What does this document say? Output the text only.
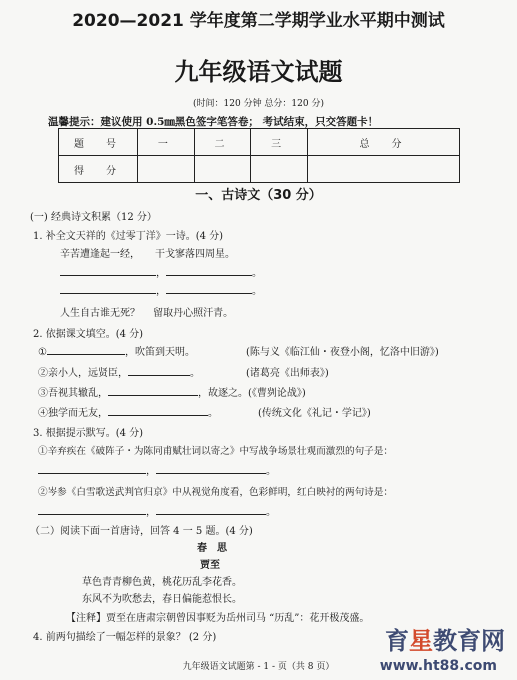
2020—2021 学年度第二学期学业水平期中测试
九年级语文试题
(时间：120 分钟 总分：120 分)
温馨提示：建议使用 0.5㎜黑色签字笔答卷； 考试结束，只交答题卡！
题　号	一	二	三	总　分
得　分				
一、古诗文（30 分）
(一) 经典诗文积累（12 分）
1. 补全文天祥的《过零丁洋》一诗。(4 分)
辛苦遭逢起一经，　　干戈寥落四周星。
，	。
，	。
人生自古谁无死？　 留取丹心照汗青。
2. 依据课文填空。(4 分)
①	，吹笛到天明。	(陈与义《临江仙・夜登小阁，忆洛中旧游》)
②亲小人，远贤臣，	。	(诸葛亮《出师表》)
③吾视其辙乱，	，故逐之。(《曹刿论战》)
④独学而无友，	。	(传统文化《礼记・学记》)
3. 根据提示默写。(4 分)
①辛弃疾在《破阵子・为陈同甫赋壮词以寄之》中写战争场景壮观而激烈的句子是：
，	。
②岑参《白雪歌送武判官归京》中从视觉角度看，色彩鲜明，红白映衬的两句诗是：
，	。
（二）阅读下面一首唐诗，回答 4 一 5 题。(4 分)
春　思
贾至
草色青青柳色黄，桃花历乱李花香。
东风不为吹愁去，春日偏能惹恨长。
【注释】贾至在唐肃宗朝曾因事贬为岳州司马 “历乱”：花开极茂盛。
4. 前两句描绘了一幅怎样的景象？ (2 分)
九年级语文试题第 - 1 - 页（共 8 页）
育星教育网
www.ht88.com
